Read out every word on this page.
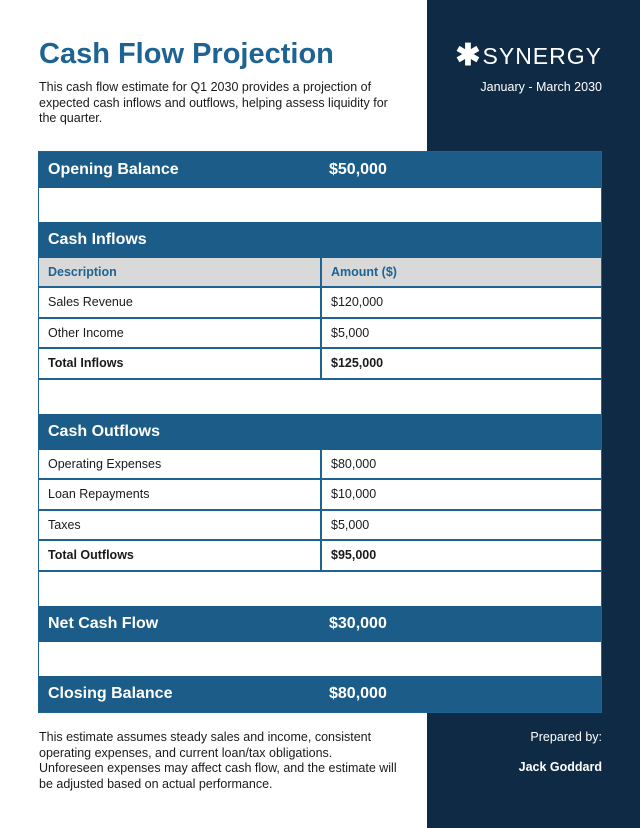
Cash Flow Projection

This cash flow estimate for Q1 2030 provides a projection of expected cash inflows and outflows, helping assess liquidity for the quarter.

✱ SYNERGY
January - March 2030
Opening Balance	$50,000
Cash Inflows
Description	Amount ($)
Sales Revenue	$120,000
Other Income	$5,000
Total Inflows	$125,000
Cash Outflows
Operating Expenses	$80,000
Loan Repayments	$10,000
Taxes	$5,000
Total Outflows	$95,000
Net Cash Flow	$30,000
Closing Balance	$80,000

This estimate assumes steady sales and income, consistent operating expenses, and current loan/tax obligations. Unforeseen expenses may affect cash flow, and the estimate will be adjusted based on actual performance.

Prepared by:
Jack Goddard
